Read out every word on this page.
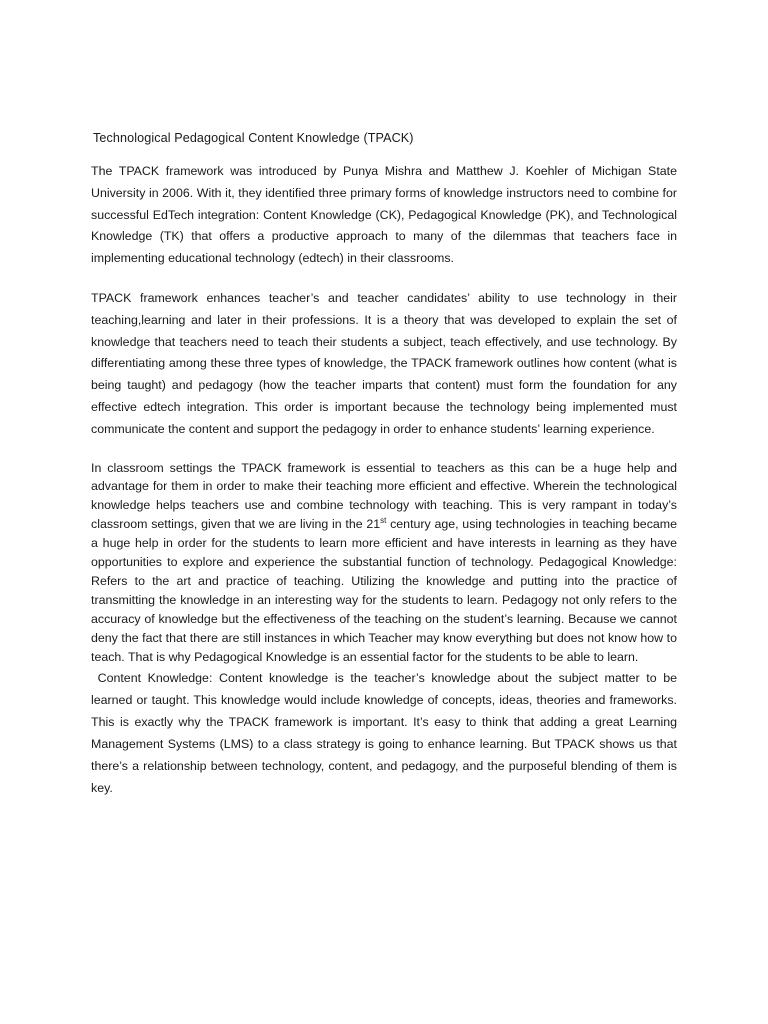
Technological Pedagogical Content Knowledge (TPACK)

The TPACK framework was introduced by Punya Mishra and Matthew J. Koehler of Michigan State University in 2006. With it, they identified three primary forms of knowledge instructors need to combine for successful EdTech integration: Content Knowledge (CK), Pedagogical Knowledge (PK), and Technological Knowledge (TK) that offers a productive approach to many of the dilemmas that teachers face in implementing educational technology (edtech) in their classrooms.

TPACK framework enhances teacher’s and teacher candidates’ ability to use technology in their teaching,learning and later in their professions. It is a theory that was developed to explain the set of knowledge that teachers need to teach their students a subject, teach effectively, and use technology. By differentiating among these three types of knowledge, the TPACK framework outlines how content (what is being taught) and pedagogy (how the teacher imparts that content) must form the foundation for any effective edtech integration. This order is important because the technology being implemented must communicate the content and support the pedagogy in order to enhance students’ learning experience.

In classroom settings the TPACK framework is essential to teachers as this can be a huge help and advantage for them in order to make their teaching more efficient and effective. Wherein the technological knowledge helps teachers use and combine technology with teaching. This is very rampant in today’s classroom settings, given that we are living in the 21st century age, using technologies in teaching became a huge help in order for the students to learn more efficient and have interests in learning as they have opportunities to explore and experience the substantial function of technology. Pedagogical Knowledge: Refers to the art and practice of teaching. Utilizing the knowledge and putting into the practice of transmitting the knowledge in an interesting way for the students to learn. Pedagogy not only refers to the accuracy of knowledge but the effectiveness of the teaching on the student’s learning. Because we cannot deny the fact that there are still instances in which Teacher may know everything but does not know how to teach. That is why Pedagogical Knowledge is an essential factor for the students to be able to learn.

Content Knowledge: Content knowledge is the teacher’s knowledge about the subject matter to be learned or taught. This knowledge would include knowledge of concepts, ideas, theories and frameworks. This is exactly why the TPACK framework is important. It’s easy to think that adding a great Learning Management Systems (LMS) to a class strategy is going to enhance learning. But TPACK shows us that there’s a relationship between technology, content, and pedagogy, and the purposeful blending of them is key.
